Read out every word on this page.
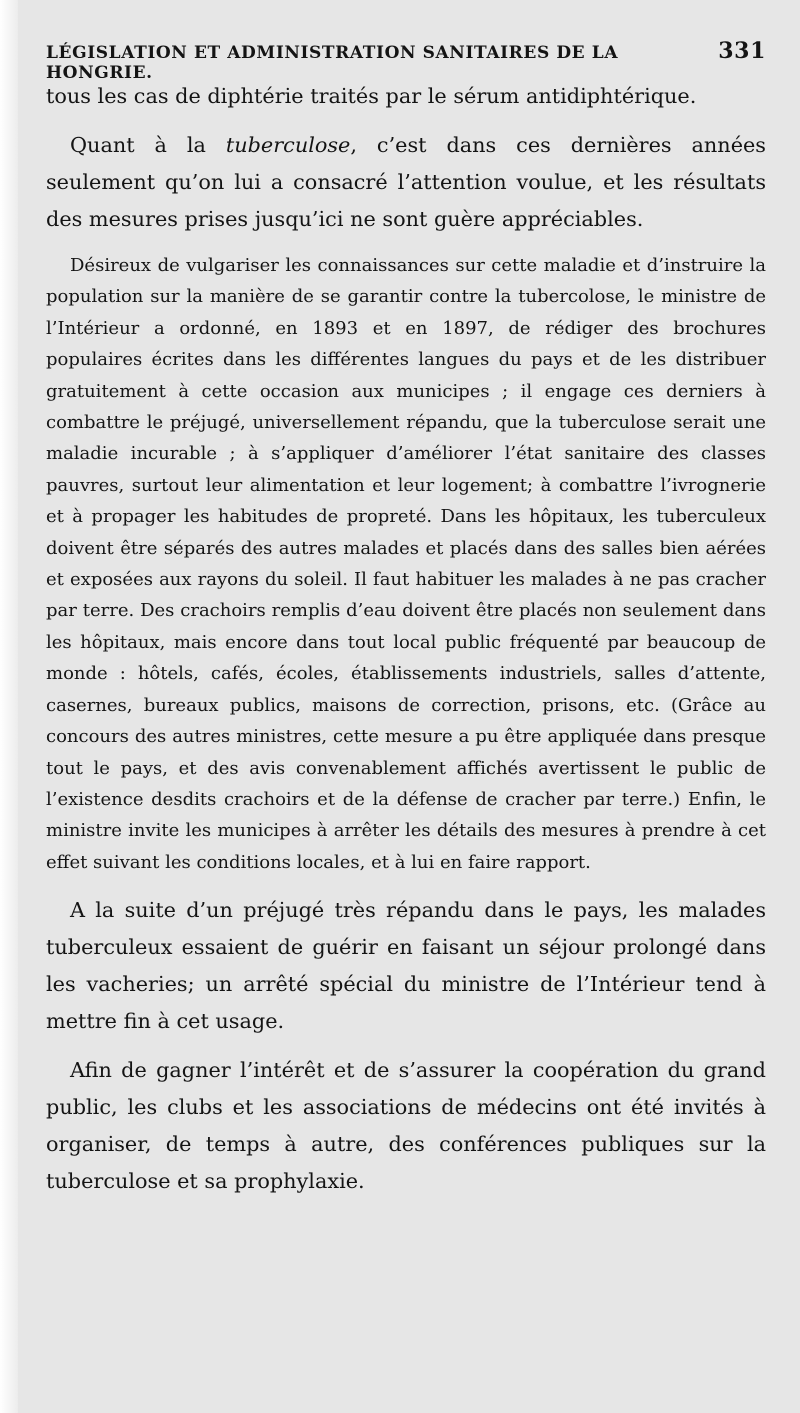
LÉGISLATION ET ADMINISTRATION SANITAIRES DE LA HONGRIE.
331

tous les cas de diphtérie traités par le sérum antidiphtérique.

Quant à la tuberculose, c’est dans ces dernières années seulement qu’on lui a consacré l’attention voulue, et les résultats des mesures prises jusqu’ici ne sont guère appréciables.

Désireux de vulgariser les connaissances sur cette maladie et d’instruire la population sur la manière de se garantir contre la tubercolose, le ministre de l’Intérieur a ordonné, en 1893 et en 1897, de rédiger des brochures populaires écrites dans les différentes langues du pays et de les distribuer gratuitement à cette occasion aux municipes ; il engage ces derniers à combattre le préjugé, universellement répandu, que la tuberculose serait une maladie incurable ; à s’appliquer d’améliorer l’état sanitaire des classes pauvres, surtout leur alimentation et leur logement; à combattre l’ivrognerie et à propager les habitudes de propreté. Dans les hôpitaux, les tuberculeux doivent être séparés des autres malades et placés dans des salles bien aérées et exposées aux rayons du soleil. Il faut habituer les malades à ne pas cracher par terre. Des crachoirs remplis d’eau doivent être placés non seulement dans les hôpitaux, mais encore dans tout local public fréquenté par beaucoup de monde : hôtels, cafés, écoles, établissements industriels, salles d’attente, casernes, bureaux publics, maisons de correction, prisons, etc. (Grâce au concours des autres ministres, cette mesure a pu être appliquée dans presque tout le pays, et des avis convenablement affichés avertissent le public de l’existence desdits crachoirs et de la défense de cracher par terre.) Enfin, le ministre invite les municipes à arrêter les détails des mesures à prendre à cet effet suivant les conditions locales, et à lui en faire rapport.

A la suite d’un préjugé très répandu dans le pays, les malades tuberculeux essaient de guérir en faisant un séjour prolongé dans les vacheries; un arrêté spécial du ministre de l’Intérieur tend à mettre fin à cet usage.

Afin de gagner l’intérêt et de s’assurer la coopération du grand public, les clubs et les associations de médecins ont été invités à organiser, de temps à autre, des conférences publiques sur la tuberculose et sa prophylaxie.
